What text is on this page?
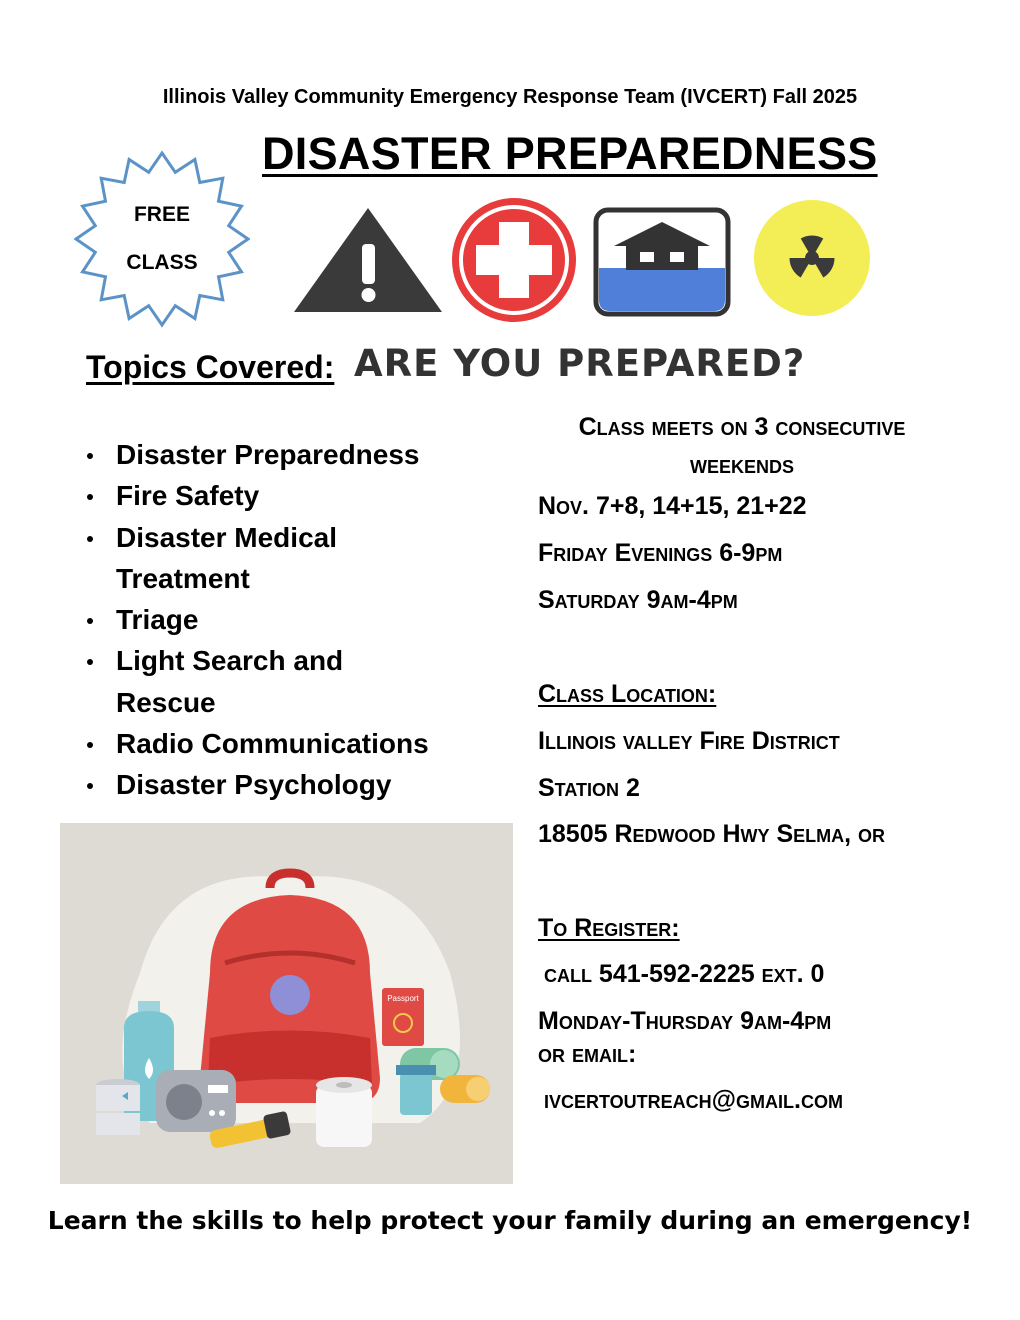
Illinois Valley Community Emergency Response Team (IVCERT) Fall 2025
DISASTER PREPAREDNESS
FREE
CLASS
ARE YOU PREPARED?
Topics Covered:
Disaster Preparedness
Fire Safety
Disaster Medical Treatment
Triage
Light Search and Rescue
Radio Communications
Disaster Psychology
Class meets on 3 consecutive weekends
Nov. 7+8, 14+15, 21+22
Friday Evenings 6-9pm
Saturday 9am-4pm
Class Location:
Illinois valley Fire District
Station 2
18505 Redwood Hwy Selma, or
To Register:
call 541-592-2225 ext. 0
Monday-Thursday 9am-4pm
or email:
ivcertoutreach@gmail.com
Passport
Learn the skills to help protect your family during an emergency!
